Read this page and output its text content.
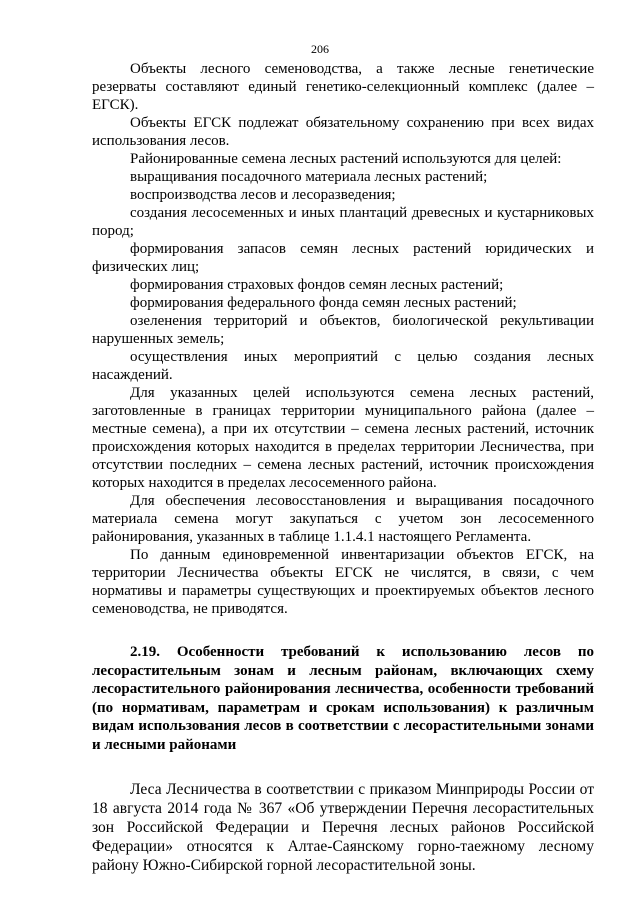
206

Объекты лесного семеноводства, а также лесные генетические резерваты составляют единый генетико-селекционный комплекс (далее – ЕГСК).

Объекты ЕГСК подлежат обязательному сохранению при всех видах использования лесов.

Районированные семена лесных растений используются для целей:

выращивания посадочного материала лесных растений;

воспроизводства лесов и лесоразведения;

создания лесосеменных и иных плантаций древесных и кустарниковых пород;

формирования запасов семян лесных растений юридических и физических лиц;

формирования страховых фондов семян лесных растений;

формирования федерального фонда семян лесных растений;

озеленения территорий и объектов, биологической рекультивации нарушенных земель;

осуществления иных мероприятий с целью создания лесных насаждений.

Для указанных целей используются семена лесных растений, заготовленные в границах территории муниципального района (далее – местные семена), а при их отсутствии – семена лесных растений, источник происхождения которых находится в пределах территории Лесничества, при отсутствии последних – семена лесных растений, источник происхождения которых находится в пределах лесосеменного района.

Для обеспечения лесовосстановления и выращивания посадочного материала семена могут закупаться с учетом зон лесосеменного районирования, указанных в таблице 1.1.4.1 настоящего Регламента.

По данным единовременной инвентаризации объектов ЕГСК, на территории Лесничества объекты ЕГСК не числятся, в связи, с чем нормативы и параметры существующих и проектируемых объектов лесного семеноводства, не приводятся.

2.19. Особенности требований к использованию лесов по лесорастительным зонам и лесным районам, включающих схему лесорастительного районирования лесничества, особенности требований (по нормативам, параметрам и срокам использования) к различным видам использования лесов в соответствии с лесорастительными зонами и лесными районами

Леса Лесничества в соответствии с приказом Минприроды России от 18 августа 2014 года № 367 «Об утверждении Перечня лесорастительных зон Российской Федерации и Перечня лесных районов Российской Федерации» относятся к Алтае-Саянскому горно-таежному лесному району Южно-Сибирской горной лесорастительной зоны.
